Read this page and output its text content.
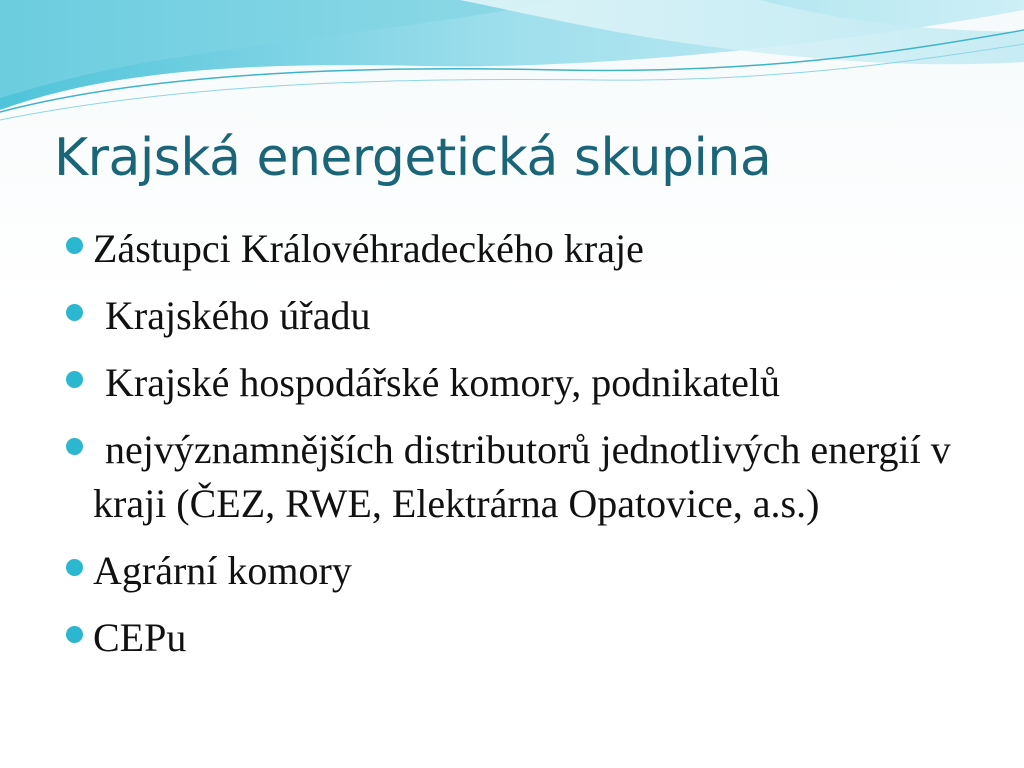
Krajská energetická skupina
Zástupci Královéhradeckého kraje
Krajského úřadu
Krajské hospodářské komory, podnikatelů
nejvýznamnějších distributorů jednotlivých energií v kraji (ČEZ, RWE, Elektrárna Opatovice, a.s.)
Agrární komory
CEPu
